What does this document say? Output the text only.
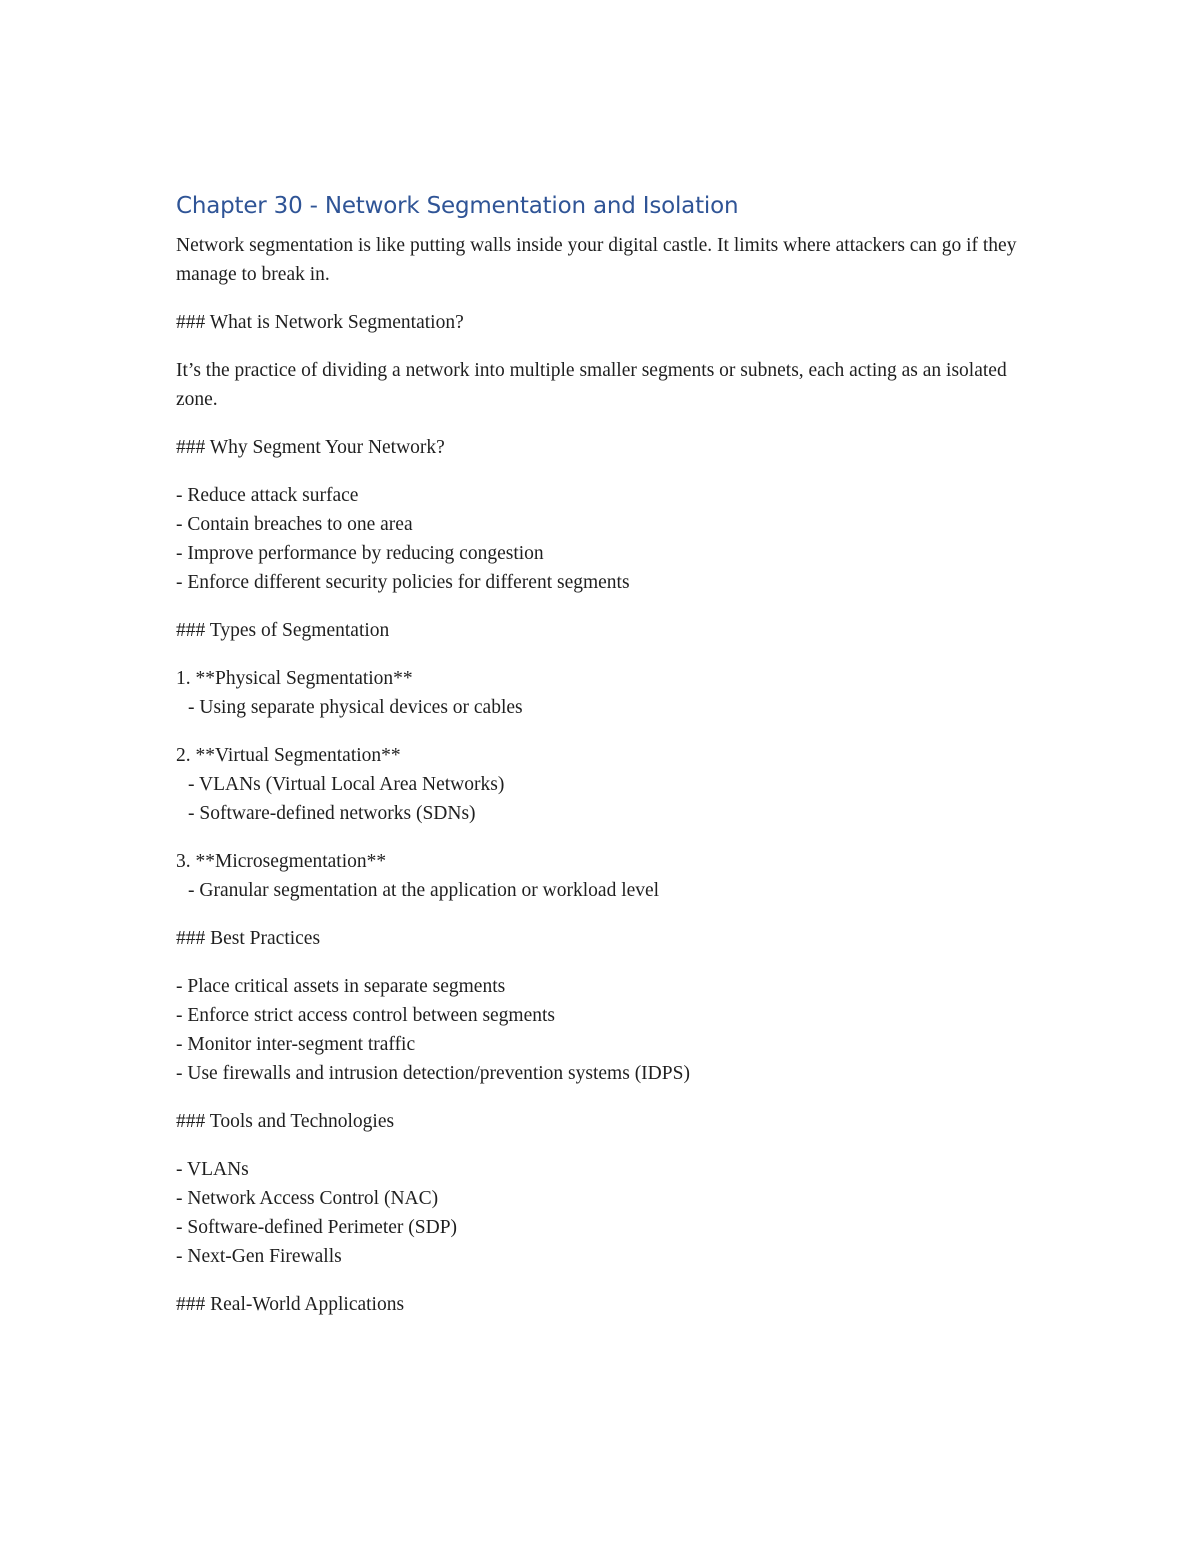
Chapter 30 - Network Segmentation and Isolation

Network segmentation is like putting walls inside your digital castle. It limits where attackers can go if they manage to break in.

### What is Network Segmentation?

It’s the practice of dividing a network into multiple smaller segments or subnets, each acting as an isolated zone.

### Why Segment Your Network?

- Reduce attack surface

- Contain breaches to one area

- Improve performance by reducing congestion

- Enforce different security policies for different segments

### Types of Segmentation

1. **Physical Segmentation**

- Using separate physical devices or cables

2. **Virtual Segmentation**

- VLANs (Virtual Local Area Networks)

- Software-defined networks (SDNs)

3. **Microsegmentation**

- Granular segmentation at the application or workload level

### Best Practices

- Place critical assets in separate segments

- Enforce strict access control between segments

- Monitor inter-segment traffic

- Use firewalls and intrusion detection/prevention systems (IDPS)

### Tools and Technologies

- VLANs

- Network Access Control (NAC)

- Software-defined Perimeter (SDP)

- Next-Gen Firewalls

### Real-World Applications
